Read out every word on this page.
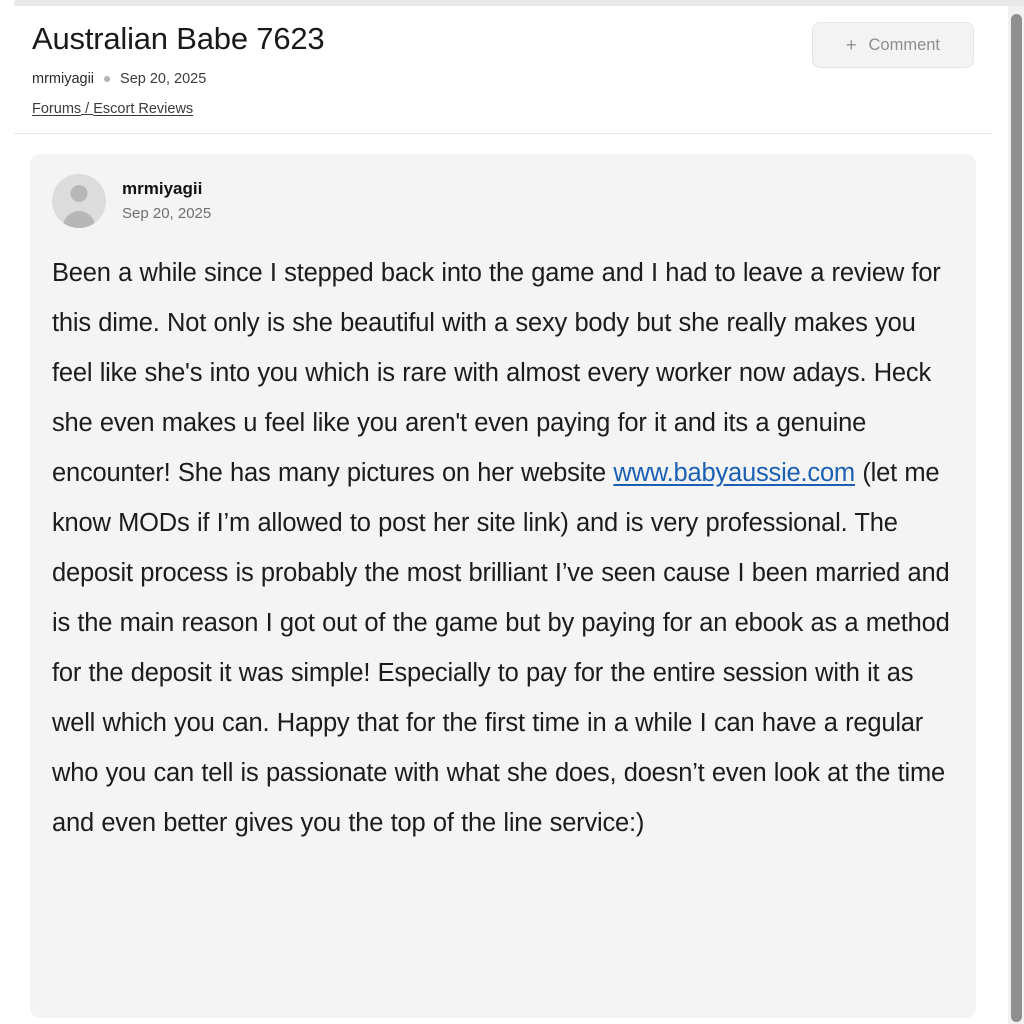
Australian Babe 7623
mrmiyagii Sep 20, 2025
Forums / Escort Reviews
+ Comment
mrmiyagii
Sep 20, 2025
Been a while since I stepped back into the game and I had to leave a review for this dime. Not only is she beautiful with a sexy body but she really makes you feel like she's into you which is rare with almost every worker now adays. Heck she even makes u feel like you aren't even paying for it and its a genuine encounter! She has many pictures on her website www.babyaussie.com (let me know MODs if I’m allowed to post her site link) and is very professional. The deposit process is probably the most brilliant I’ve seen cause I been married and is the main reason I got out of the game but by paying for an ebook as a method for the deposit it was simple! Especially to pay for the entire session with it as well which you can. Happy that for the first time in a while I can have a regular who you can tell is passionate with what she does, doesn’t even look at the time and even better gives you the top of the line service:)
